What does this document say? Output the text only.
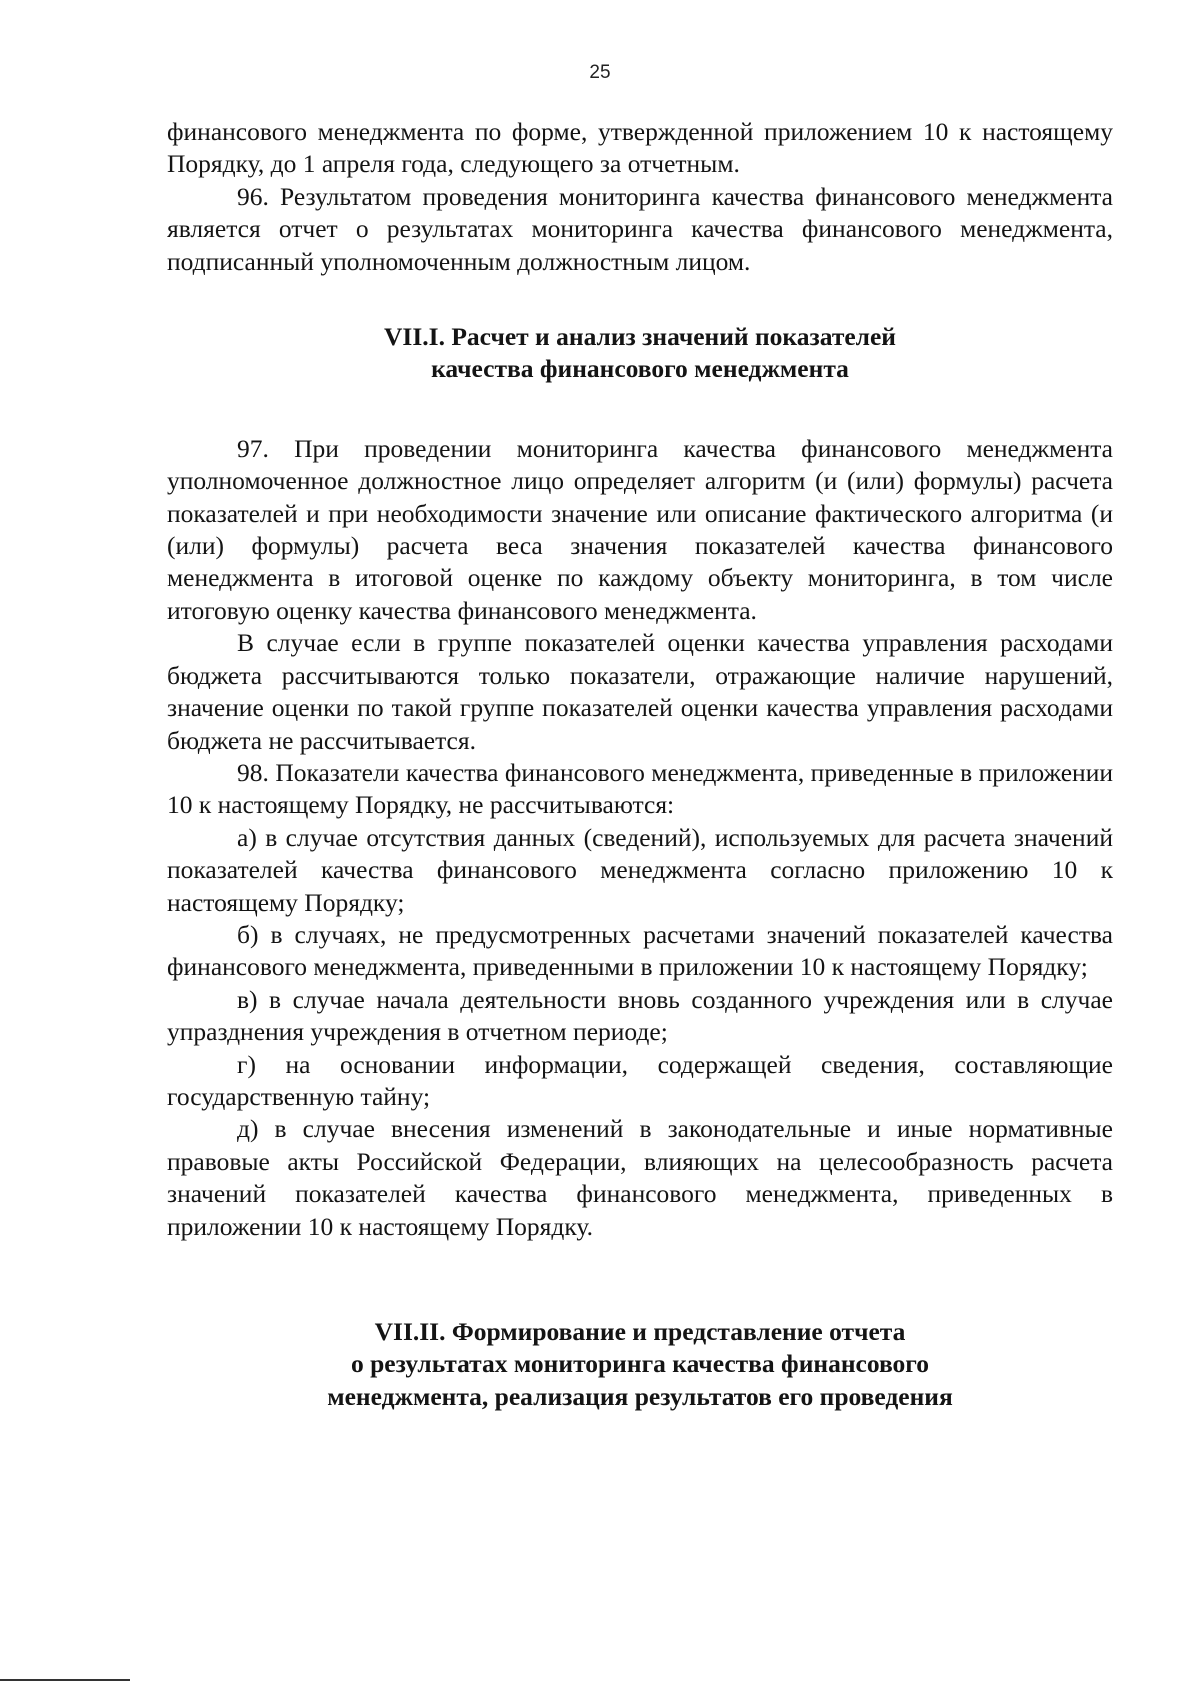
25

финансового менеджмента по форме, утвержденной приложением 10 к настоящему Порядку, до 1 апреля года, следующего за отчетным.

96. Результатом проведения мониторинга качества финансового менеджмента является отчет о результатах мониторинга качества финансового менеджмента, подписанный уполномоченным должностным лицом.

VII.I. Расчет и анализ значений показателей
качества финансового менеджмента

97. При проведении мониторинга качества финансового менеджмента уполномоченное должностное лицо определяет алгоритм (и (или) формулы) расчета показателей и при необходимости значение или описание фактического алгоритма (и (или) формулы) расчета веса значения показателей качества финансового менеджмента в итоговой оценке по каждому объекту мониторинга, в том числе итоговую оценку качества финансового менеджмента.

В случае если в группе показателей оценки качества управления расходами бюджета рассчитываются только показатели, отражающие наличие нарушений, значение оценки по такой группе показателей оценки качества управления расходами бюджета не рассчитывается.

98. Показатели качества финансового менеджмента, приведенные в приложении 10 к настоящему Порядку, не рассчитываются:

а) в случае отсутствия данных (сведений), используемых для расчета значений показателей качества финансового менеджмента согласно приложению 10 к настоящему Порядку;

б) в случаях, не предусмотренных расчетами значений показателей качества финансового менеджмента, приведенными в приложении 10 к настоящему Порядку;

в) в случае начала деятельности вновь созданного учреждения или в случае упразднения учреждения в отчетном периоде;

г) на основании информации, содержащей сведения, составляющие государственную тайну;

д) в случае внесения изменений в законодательные и иные нормативные правовые акты Российской Федерации, влияющих на целесообразность расчета значений показателей качества финансового менеджмента, приведенных в приложении 10 к настоящему Порядку.

VII.II. Формирование и представление отчета
о результатах мониторинга качества финансового
менеджмента, реализация результатов его проведения
